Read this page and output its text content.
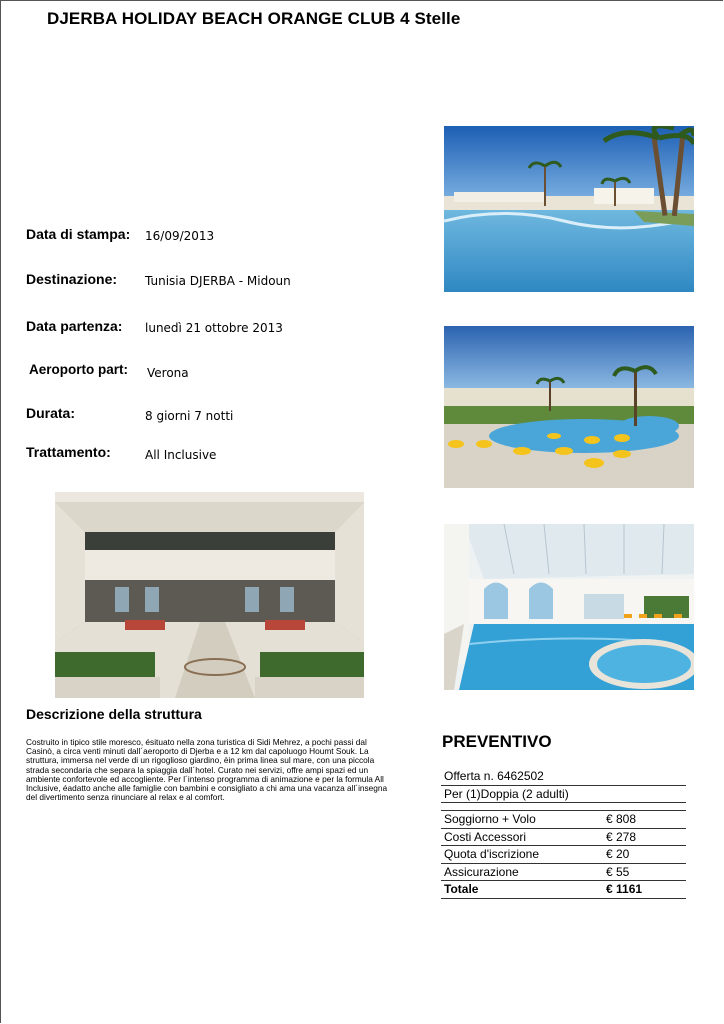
DJERBA HOLIDAY BEACH ORANGE CLUB 4 Stelle
Data di stampa: 16/09/2013
Destinazione: Tunisia DJERBA - Midoun
Data partenza: lunedì 21 ottobre 2013
Aeroporto part: Verona
Durata:	8 giorni 7 notti
Trattamento:	All Inclusive
Descrizione della struttura
Costruito in tipico stile moresco, ésituato nella zona turistica di Sidi Mehrez, a pochi passi dal Casinò, a circa venti minuti dall´aeroporto di Djerba e a 12 km dal capoluogo Houmt Souk. La struttura, immersa nel verde di un rigoglioso giardino, èin prima linea sul mare, con una piccola strada secondaria che separa la spiaggia dall´hotel. Curato nei servizi, offre ampi spazi ed un ambiente confortevole ed accogliente. Per l´intenso programma di animazione e per la formula All Inclusive, éadatto anche alle famiglie con bambini e consigliato a chi ama una vacanza all´insegna del divertimento senza rinunciare al relax e al comfort.
PREVENTIVO
Offerta n. 6462502
Per (1)Doppia (2 adulti)
Soggiorno + Volo	€ 808
Costi Accessori	€ 278
Quota d'iscrizione	€ 20
Assicurazione	€ 55
Totale	€ 1161
